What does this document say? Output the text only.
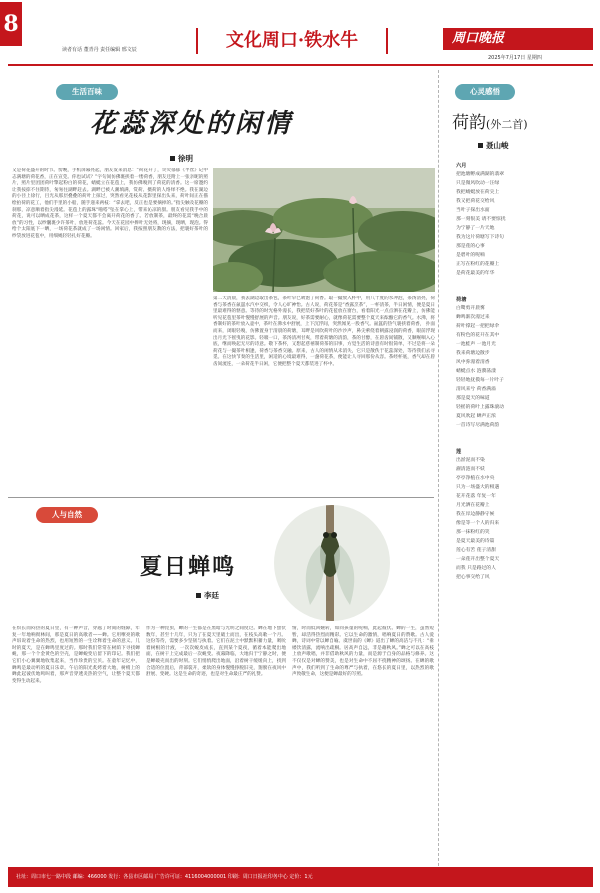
8
读者有话 董青丹 责任编辑 邢文辰	文化周口·铁水牛	周口晚报
2025年7月17日 星期四
生活百味
花蕊深处的闲情
徐明
又是荷花盛开的时节。傍晚，手机屏幕亮起，朋友发来消息：“荷花开了，荧荧郁郁《芊丝》记中志满塘的荷花香，正在宣莞。你也试试？”字句间仿佛裹挟着一缕荷香，朋友还附上一张亲昵的照片，照片里团团荷叶擎起粉白的荷花，蜻蜓立在花苞上，我仿佛嗅到了荷花的清香。这一席邀约让我按捺不住期待，匆匆往湖畔赶去。湖畔已被人潮填满，赏荷、摄荷的人络绎不绝。我在湖边的小径上徐行，目光从那层叠叠的荷叶上掠过，突然看见花枝从花影里探出头来，荷叶间正在描绘拍荷的花工，他们手里的小船，随手递来两枝：“拿去吧，反正也是要摘掉的。”指尖触及花瓣的刹那，凉意顺着指尖漫延。花苞上的露珠“啪嗒”坠在掌心上，带来沁凉的甜。朋友看见我手中的荷花，说可以晒成花茶，这样一个夏天都不会离开荷花的香了。若放制茶，最终的花需“晚合晨放”的习性，以纱囊裹少许茶叶，放进荷花蕊。今天在花园中捧叶无处将，现摘，现晒，现泡。得给个太阳底下一晒，一场荷花茶就成了一场闲情。回家后，我按照朋友教的方法，把裹好茶叶的纱袋放进花苞中，用细绳轻轻扎好花瓣。
第二天清晨，我去湖边取出茶包，茶叶早已吸饱了荷香。取一撮放入杯中，用八十度的水冲泡，茶汤清亮，荷香与茶香在氤氲水汽中交织，令人心旷神怡。古人说，荷花茶是“香露烹茶”，一杯清茶，半日闲情，便是夏日里最难得的惬意。等待的时光格外漫长，我把装好茶叶的花苞放在窗台，看着阳光一点点洒在花瓣上，仿佛能听见花苞里茶叶慢慢舒展的声音。朋友说，好茶需要耐心，就像荷花需要整个夏天来酝酿它的香气。水沸，将香制好的茶叶放入壶中，茶叶在沸水中舒展，上下沉浮间，突然闻见一股香气。氤氲的热气裹挟着荷香， 扑面而来，闭眼轻嗅，仿佛置身于清晨的荷塘，耳畔是风吹荷叶的沙沙声，鼻尖萦绕着朝露浸润的荷香，眼前浮现出月光下摇曳的花影。轻啜一口，茶汤清冽甘爽，带着荷塘的清韵，茶的甘醇，在唇齿间铺散，又顺喉咽入心底，继而唤起无尽的诗意。敬下茶杯，又想起慈禧制荷茶的旧事，方觉生活的诗意有时很简单，不过是将一朵荷花与一撮茶叶相逢，荷香与茶香交融。原来，古人的闲情从未消失，它只是散佚于花蕊深处，等待我们去寻觅。在这快节奏的生活里，闲适的心境最难得，一盏荷花茶，便能让人寻回那份从容。茶经杯底，香气却在唇齿间流连，一朵荷花半日闲，它便把整个夏天都装进了杯中。
人与自然
夏日蝉鸣
李廷
在炽长而闷热的夏日里，有一种声音，穿越了时间的缝隙，年复一年地响彻林间，那是夏日的高歌者——蝉。它用嘹亮的歌声诉说着生命的热烈，也用短暂的一生诠释着生命的意义。儿时的夏天，是在蝉鸣里度过的。那时我们常常在树荫下寻找蝉蜕，那一个个金黄色的空壳，是蝉蜕变后留下的印记。我们把它们小心翼翼地收集起来，当作珍贵的宝贝。在童年记忆中，蝉鸣是最动听的夏日乐章。午后的阳光炙烤着大地，树梢上的蝉此起彼伏地鸣叫着，那声音穿透炎热的空气，让整个夏天都变得生动起来。
作为一种昆虫，蝉的一生都是在黑暗与光明之间度过。蝉在地下蛰伏数年，甚至十几年，只为了在夏天里破土而出，在枝头高歌一个月。这份等待，需要多少坚韧与执着。它们在泥土中默默积蓄力量，吸吮着树根的汁液，一次次蜕皮成长，直到某个夏夜，循着本能爬出地面，在树干上完成最后一次蜕变。夜幕降临，大地归于宁静之时，便是蝉破壳而出的时刻。它们悄悄爬出地面，沿着树干缓缓向上，找到合适的位置后，背部裂开，柔软的身体慢慢挣脱旧壳，翅膀在夜风中舒展、变硬。这是生命的奇迹，也是对生命最庄严的礼赞。
情，时而低回婉转，如同孩童的呢喃，此起彼伏。蝉的一生，虽然短暂，却活得热烈而精彩。它以生命的激情，唱响夏日的赞歌。古人爱蝉，诗词中常以蝉自喻。虞世南的《蝉》道出了蝉的高洁与不凡：“垂緌饮清露，流响出疏桐。居高声自远，非是藉秋风。”蝉之可以在高枝上放声歌唱，并非借助秋风的力量，而是源于自身的品格与修养。这不仅仅是对蝉的赞美，也是对生命中不屈不挠精神的颂扬。在蝉的歌声中，我们听到了生命的尊严与执着，在悠长的夏日里，以热烈的歌声致敬生命，这便是蝉最好的写照。
心灵感悟
荷韵(外二首)
聂山峻
六月
把池塘孵成满湖的翡翠
只是微风吹动一汪绿
我把蜻蜓放在荷尖上
我又把荷花交给风
当叶子探出水面
那一刻很美 请不要惊扰
为宁静了一片天地
我为这片荷塘写下诗句
那是莲的心事
是碧叶的呢喃
正写在粉红的花瓣上
是荷花最美的年华
荷塘
白鹭剪开晨雾
蝉鸣渐次漫过来
荷叶撑起一把把绿伞
有粉色的花开在其中
一池蛙声 一池月光
我来荷塘边散步
风中弥漫着清香
蜻蜓点水 涟漪荡漾
轻轻地抚摸每一片叶子
清风来兮 荷香满溢
那是夏天的味道
轻摇的荷叶上露珠滚动
夏风吹起 蝉声正浓
一首诗写尽满池荷韵
莲
出淤泥而不染
濯清涟而不妖
亭亭净植在水中央
只为一场盛大的相遇
花开花落 年复一年
月光洒在花瓣上
我在岸边静静守候
像是等一个人的归来
那一抹粉红的笑
是夏天最美的诗篇
莲心有苦 莲子清甜
一朵莲开出整个夏天
而我 只是路过的人
把心事交给了风
社址：周口市七一路中段 邮编：466000 发行：各县市区邮局 广告许可证：4116004000001 印刷：周口日报社印务中心 定价：1元
